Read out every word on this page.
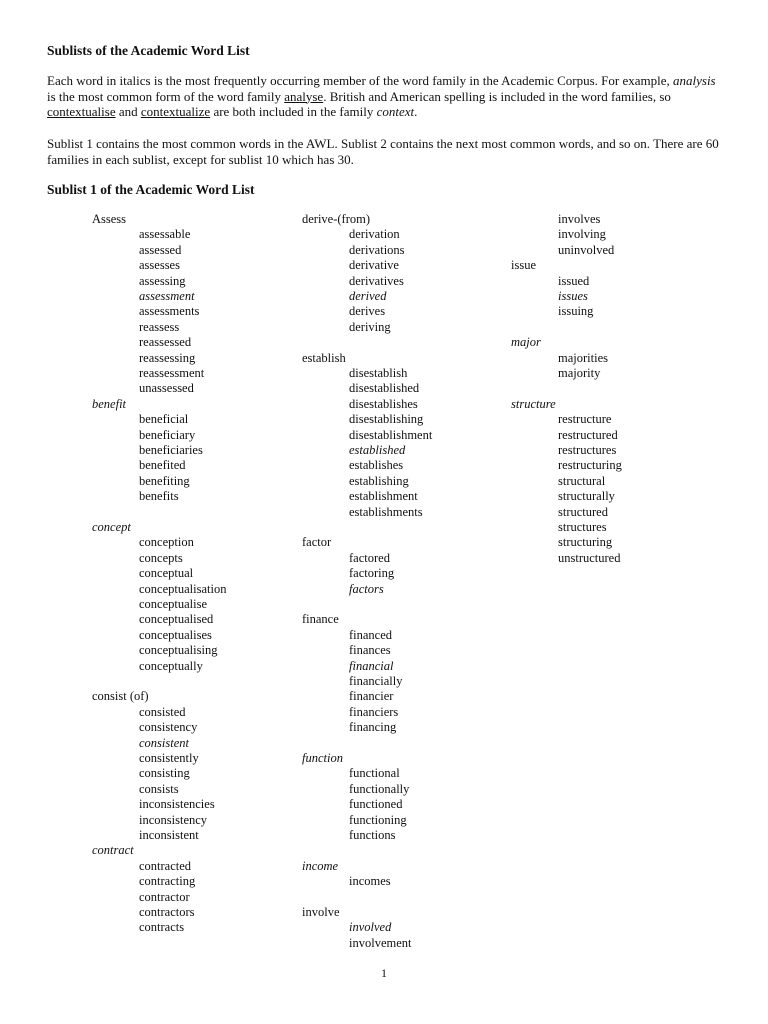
Sublists of the Academic Word List
Each word in italics is the most frequently occurring member of the word family in the Academic Corpus. For example, analysis is the most common form of the word family analyse. British and American spelling is included in the word families, so contextualise and contextualize are both included in the family context.
Sublist 1 contains the most common words in the AWL. Sublist 2 contains the next most common words, and so on. There are 60 families in each sublist, except for sublist 10 which has 30.
Sublist 1 of the Academic Word List
Assess
assessable
assessed
assesses
assessing
assessment
assessments
reassess
reassessed
reassessing
reassessment
unassessed
benefit
beneficial
beneficiary
beneficiaries
benefited
benefiting
benefits
concept
conception
concepts
conceptual
conceptualisation
conceptualise
conceptualised
conceptualises
conceptualising
conceptually
consist (of)
consisted
consistency
consistent
consistently
consisting
consists
inconsistencies
inconsistency
inconsistent
contract
contracted
contracting
contractor
contractors
contracts
derive-(from)
derivation
derivations
derivative
derivatives
derived
derives
deriving
establish
disestablish
disestablished
disestablishes
disestablishing
disestablishment
established
establishes
establishing
establishment
establishments
factor
factored
factoring
factors
finance
financed
finances
financial
financially
financier
financiers
financing
function
functional
functionally
functioned
functioning
functions
income
incomes
involve
involved
involvement
involves
involving
uninvolved
issue
issued
issues
issuing
major
majorities
majority
structure
restructure
restructured
restructures
restructuring
structural
structurally
structured
structures
structuring
unstructured
1
